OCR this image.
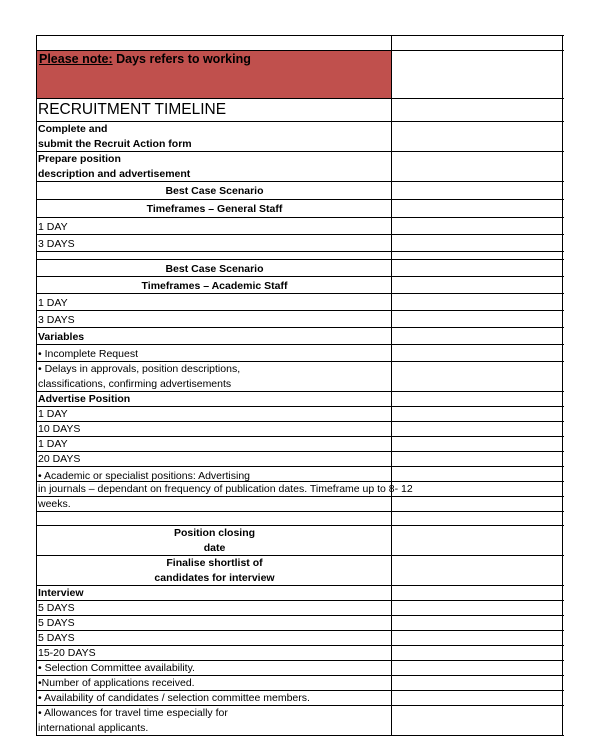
Please note: Days refers to working
RECRUITMENT TIMELINE
Complete and
submit the Recruit Action form
Prepare position
description and advertisement
Best Case Scenario
Timeframes – General Staff
1 DAY
3 DAYS
Best Case Scenario
Timeframes – Academic Staff
1 DAY
3 DAYS
Variables
• Incomplete Request
• Delays in approvals, position descriptions,
classifications, confirming advertisements
Advertise Position
1 DAY
10 DAYS
1 DAY
20 DAYS
• Academic or specialist positions: Advertising
in journals – dependant on frequency of publication dates. Timeframe up to 8- 12
weeks.
Position closing
date
Finalise shortlist of
candidates for interview
Interview
5 DAYS
5 DAYS
5 DAYS
15-20 DAYS
• Selection Committee availability.
•Number of applications received.
• Availability of candidates / selection committee members.
• Allowances for travel time especially for
international applicants.
